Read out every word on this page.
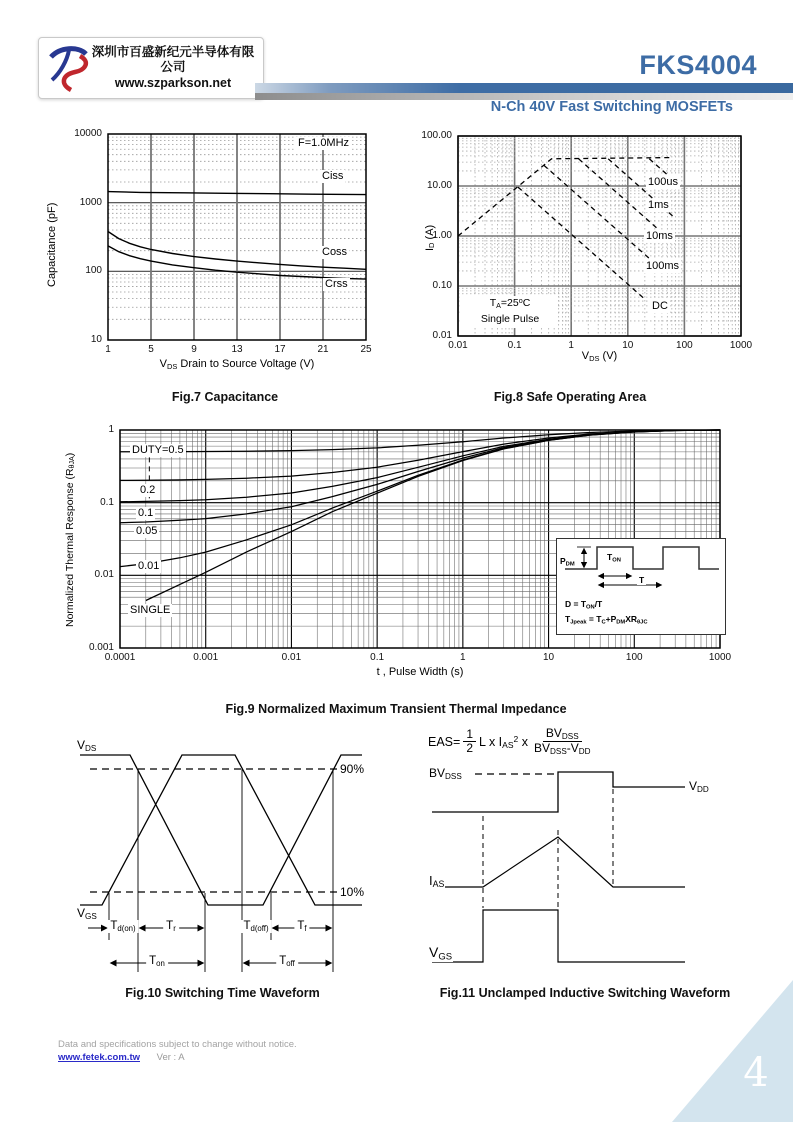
深圳市百盛新纪元半导体有限公司
www.szparkson.net
FKS4004
N-Ch 40V Fast Switching MOSFETs
Capacitance (pF)
$V_{DS}$ Drain to Source Voltage (V)
Fig.7 Capacitance
$I_D$ (A)
$V_{DS}$ (V)
$T_A=25^oC$
Single Pulse
Fig.8 Safe Operating Area
Normalized Thermal Response $(R_{\theta JA})$
t , Pulse Width (s)
$P_{DM}$
$T_{ON}$
T
$D = T_{ON}/T$
$T_{Jpeak} = T_C+P_{DM}XR_{\theta JC}$
Fig.9 Normalized Maximum Transient Thermal Impedance
$V_{DS}$
$V_{GS}$
90%
10%
$T_{d(on)}$	$T_r$	$T_{d(off)}$	$T_f$
$T_{on}$	$T_{off}$
Fig.10 Switching Time Waveform
$EAS= \frac{1}{2}$ L x $I_{AS}^2$ x $\frac{BV_{DSS}}{BV_{DSS}-V_{DD}}$
$BV_{DSS}$
$V_{DD}$
$I_{AS}$
$V_{GS}$
Fig.11 Unclamped Inductive Switching Waveform
Data and specifications subject to change without notice.
www.fetek.com.tw Ver : A	4
1	5	9	13	17	21	25
10000
1000
100
10
F=1.0MHz
Ciss
Coss
Crss
0.01	0.1	1	10	100	1000
100.00
10.00
1.00
0.10
0.01
100us
1ms
10ms
100ms
DC
0.0001	0.001	0.01	0.1	1	10	100	1000
1
0.1
0.01
0.001
DUTY=0.5
0.2
0.1
0.05
0.01
SINGLE
